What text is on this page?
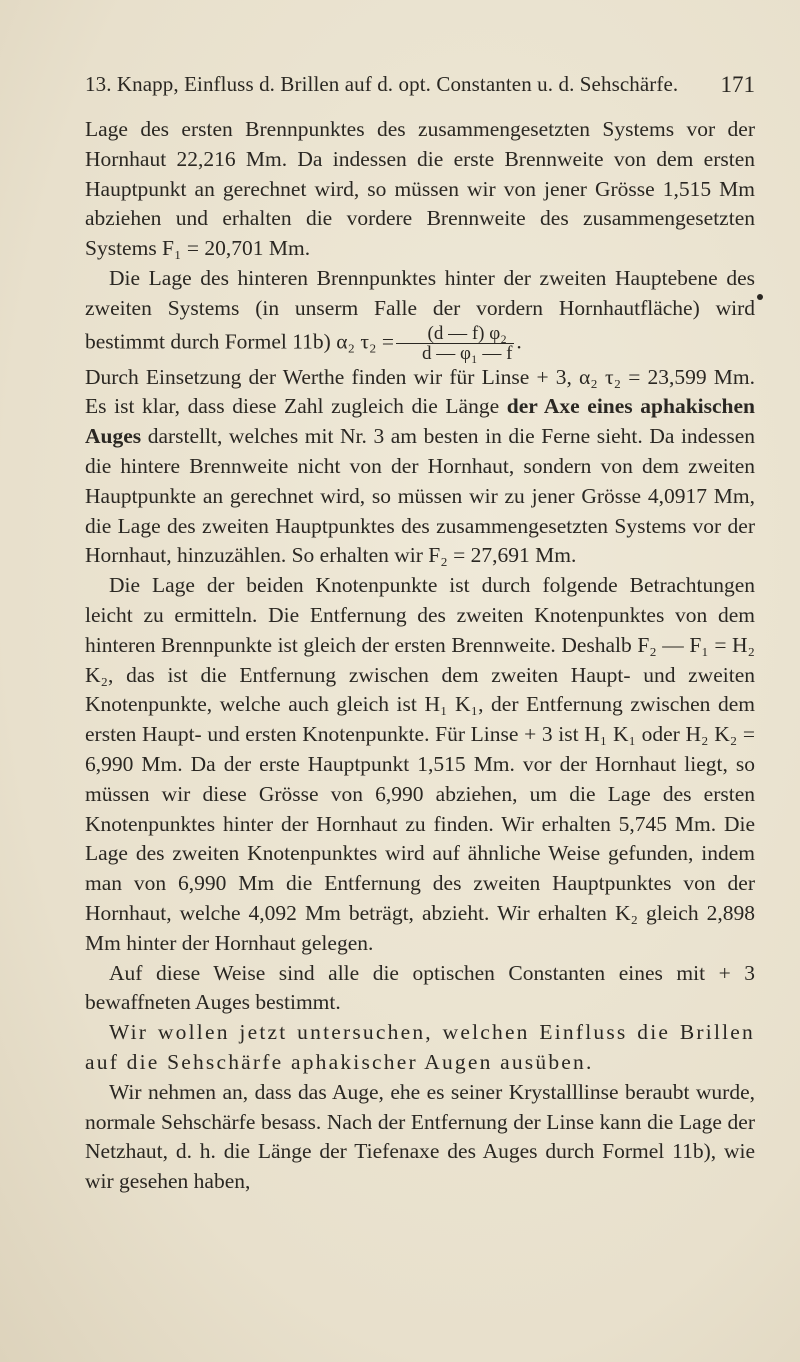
13. Knapp, Einfluss d. Brillen auf d. opt. Constanten u. d. Sehschärfe. 171

Lage des ersten Brennpunktes des zusammengesetzten Systems vor der Hornhaut 22,216 Mm. Da indessen die erste Brennweite von dem ersten Hauptpunkt an gerechnet wird, so müssen wir von jener Grösse 1,515 Mm abziehen und erhalten die vordere Brennweite des zusammengesetzten Systems F₁ = 20,701 Mm.

Die Lage des hinteren Brennpunktes hinter der zweiten Hauptebene des zweiten Systems (in unserm Falle der vordern Hornhautfläche) wird bestimmt durch Formel 11b) α₂ $\tau_2 = \frac{\text{(d — f) φ₂}}{\text{d — φ₁ — f}}$ .

Durch Einsetzung der Werthe finden wir für Linse + 3, α₂ τ₂ = 23,599 Mm. Es ist klar, dass diese Zahl zugleich die Länge der Axe eines aphakischen Auges darstellt, welches mit Nr. 3 am besten in die Ferne sieht. Da indessen die hintere Brennweite nicht von der Hornhaut, sondern von dem zweiten Hauptpunkte an gerechnet wird, so müssen wir zu jener Grösse 4,0917 Mm, die Lage des zweiten Hauptpunktes des zusammengesetzten Systems vor der Hornhaut, hinzuzählen. So erhalten wir F₂ = 27,691 Mm.

Die Lage der beiden Knotenpunkte ist durch folgende Betrachtungen leicht zu ermitteln. Die Entfernung des zweiten Knotenpunktes von dem hinteren Brennpunkte ist gleich der ersten Brennweite. Deshalb F₂ — F₁ = H₂ K₂, das ist die Entfernung zwischen dem zweiten Haupt- und zweiten Knotenpunkte, welche auch gleich ist H₁ K₁, der Entfernung zwischen dem ersten Haupt- und ersten Knotenpunkte. Für Linse + 3 ist H₁ K₁ oder H₂ K₂ = 6,990 Mm. Da der erste Hauptpunkt 1,515 Mm. vor der Hornhaut liegt, so müssen wir diese Grösse von 6,990 abziehen, um die Lage des ersten Knotenpunktes hinter der Hornhaut zu finden. Wir erhalten 5,745 Mm. Die Lage des zweiten Knotenpunktes wird auf ähnliche Weise gefunden, indem man von 6,990 Mm die Entfernung des zweiten Hauptpunktes von der Hornhaut, welche 4,092 Mm beträgt, abzieht. Wir erhalten K₂ gleich 2,898 Mm hinter der Hornhaut gelegen.

Auf diese Weise sind alle die optischen Constanten eines mit + 3 bewaffneten Auges bestimmt.

Wir wollen jetzt untersuchen, welchen Einfluss die Brillen auf die Sehschärfe aphakischer Augen ausüben.

Wir nehmen an, dass das Auge, ehe es seiner Krystalllinse beraubt wurde, normale Sehschärfe besass. Nach der Entfernung der Linse kann die Lage der Netzhaut, d. h. die Länge der Tiefenaxe des Auges durch Formel 11b), wie wir gesehen haben,
